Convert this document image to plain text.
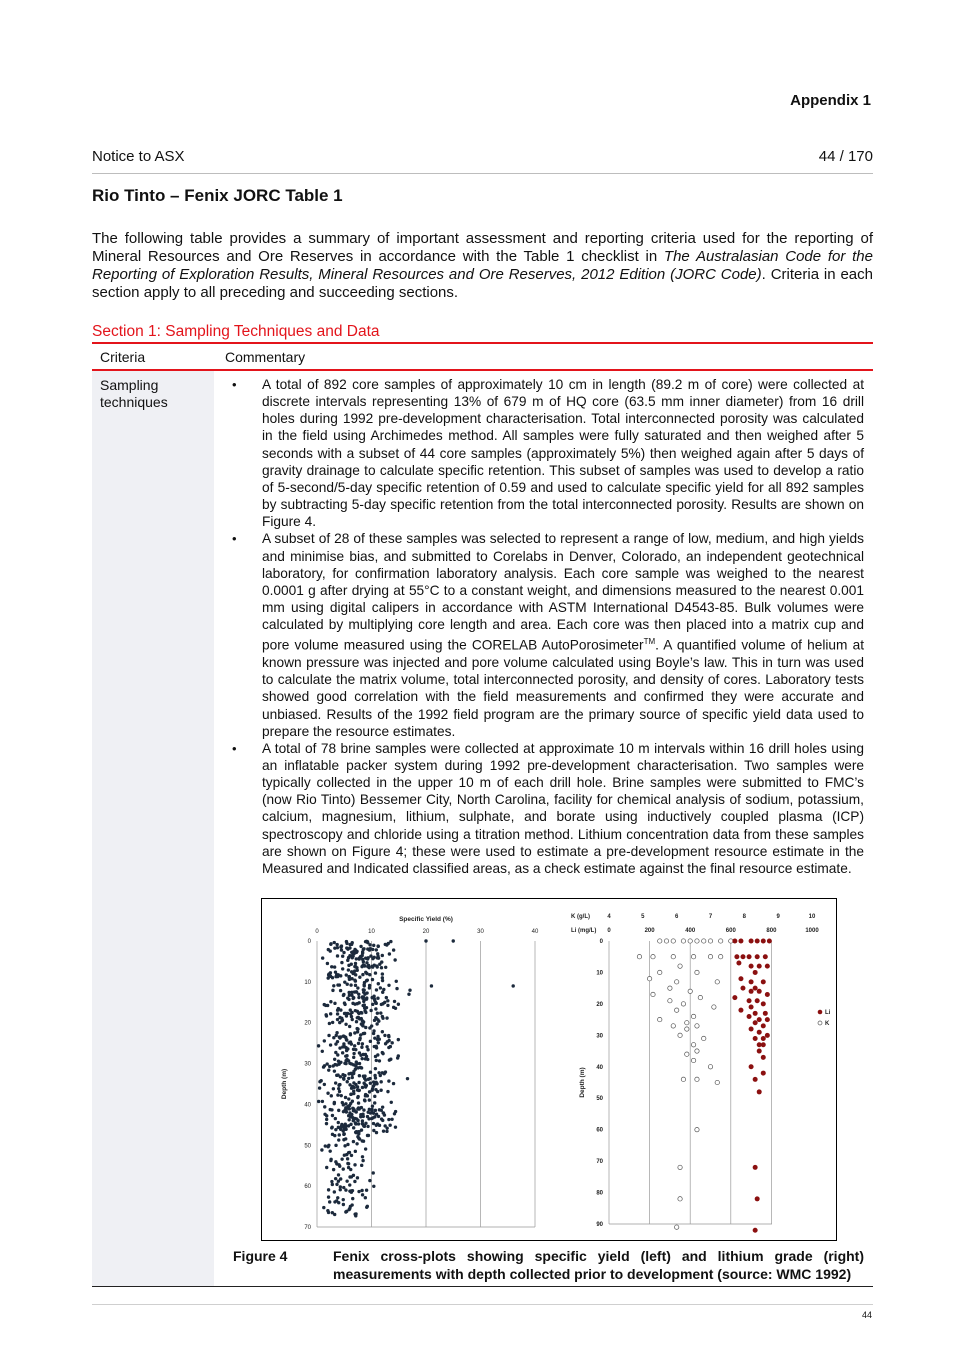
Appendix 1
Notice to ASX	44 / 170
Rio Tinto – Fenix JORC Table 1

The following table provides a summary of important assessment and reporting criteria used for the reporting of Mineral Resources and Ore Reserves in accordance with the Table 1 checklist in The Australasian Code for the Reporting of Exploration Results, Mineral Resources and Ore Reserves, 2012 Edition (JORC Code). Criteria in each section apply to all preceding and succeeding sections.

Section 1: Sampling Techniques and Data
Criteria	Commentary
Sampling techniques
• A total of 892 core samples of approximately 10 cm in length (89.2 m of core) were collected at discrete intervals representing 13% of 679 m of HQ core (63.5 mm inner diameter) from 16 drill holes during 1992 pre-development characterisation. Total interconnected porosity was calculated in the field using Archimedes method. All samples were fully saturated and then weighed after 5 seconds with a subset of 44 core samples (approximately 5%) then weighed again after 5 days of gravity drainage to calculate specific retention. This subset of samples was used to develop a ratio of 5-second/5-day specific retention of 0.59 and used to calculate specific yield for all 892 samples by subtracting 5-day specific retention from the total interconnected porosity. Results are shown on Figure 4.
• A subset of 28 of these samples was selected to represent a range of low, medium, and high yields and minimise bias, and submitted to Corelabs in Denver, Colorado, an independent geotechnical laboratory, for confirmation laboratory analysis. Each core sample was weighed to the nearest 0.0001 g after drying at 55°C to a constant weight, and dimensions measured to the nearest 0.001 mm using digital calipers in accordance with ASTM International D4543-85. Bulk volumes were calculated by multiplying core length and area. Each core was then placed into a matrix cup and pore volume measured using the CORELAB AutoPorosimeter™. A quantified volume of helium at known pressure was injected and pore volume calculated using Boyle’s law. This in turn was used to calculate the matrix volume, total interconnected porosity, and density of cores. Laboratory tests showed good correlation with the field measurements and confirmed they were accurate and unbiased. Results of the 1992 field program are the primary source of specific yield data used to prepare the resource estimates.
• A total of 78 brine samples were collected at approximate 10 m intervals within 16 drill holes using an inflatable packer system during 1992 pre-development characterisation. Two samples were typically collected in the upper 10 m of each drill hole. Brine samples were submitted to FMC’s (now Rio Tinto) Bessemer City, North Carolina, facility for chemical analysis of sodium, potassium, calcium, magnesium, lithium, sulphate, and borate using inductively coupled plasma (ICP) spectroscopy and chloride using a titration method. Lithium concentration data from these samples are shown on Figure 4; these were used to estimate a pre-development resource estimate in the Measured and Indicated classified areas, as a check estimate against the final resource estimate.
0	10	20	30	40
0
10
20
30
40
50
60
70
Specific Yield (%)
Depth (m)
K (g/L)
Li (mg/L)
4	5	6	7	8	9	10
0	200	400	600	800	1000
0
10
20
30
40
50
60
70
80
90
Depth (m)
Li
K
Figure 4	Fenix cross-plots showing specific yield (left) and lithium grade (right) measurements with depth collected prior to development (source: WMC 1992)
44
